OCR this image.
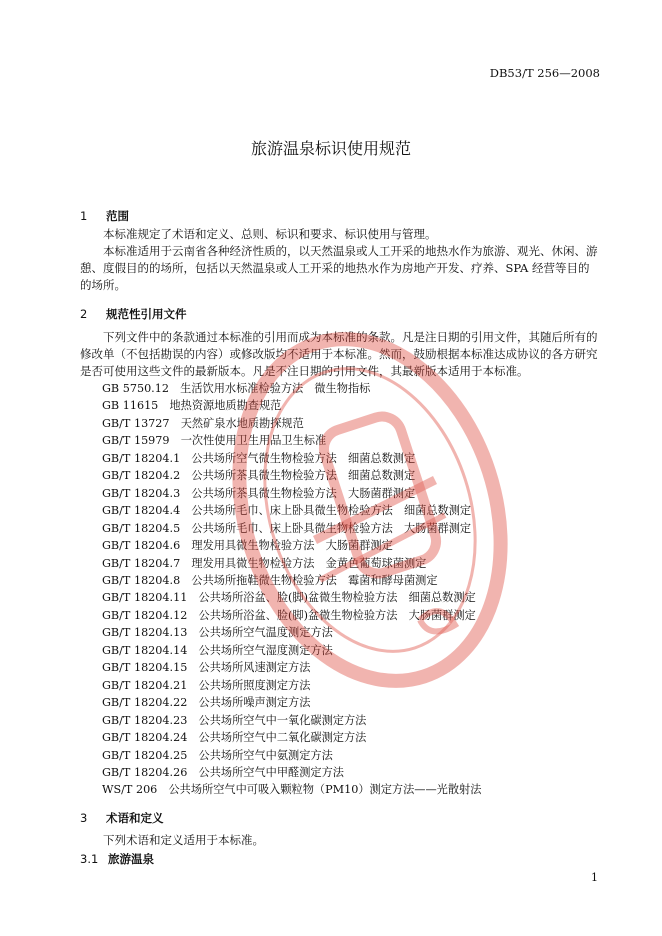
DB53/T 256—2008
旅游温泉标识使用规范
1 范围
本标准规定了术语和定义、总则、标识和要求、标识使用与管理。
本标准适用于云南省各种经济性质的，以天然温泉或人工开采的地热水作为旅游、观光、休闲、游憩、度假目的的场所，包括以天然温泉或人工开采的地热水作为房地产开发、疗养、SPA 经营等目的的场所。
2 规范性引用文件
下列文件中的条款通过本标准的引用而成为本标准的条款。凡是注日期的引用文件，其随后所有的修改单（不包括勘误的内容）或修改版均不适用于本标准。然而，鼓励根据本标准达成协议的各方研究是否可使用这些文件的最新版本。凡是不注日期的引用文件，其最新版本适用于本标准。
GB 5750.12　生活饮用水标准检验方法　微生物指标
GB 11615　地热资源地质勘查规范
GB/T 13727　天然矿泉水地质勘探规范
GB/T 15979　一次性使用卫生用品卫生标准
GB/T 18204.1　公共场所空气微生物检验方法　细菌总数测定
GB/T 18204.2　公共场所茶具微生物检验方法　细菌总数测定
GB/T 18204.3　公共场所茶具微生物检验方法　大肠菌群测定
GB/T 18204.4　公共场所毛巾、床上卧具微生物检验方法　细菌总数测定
GB/T 18204.5　公共场所毛巾、床上卧具微生物检验方法　大肠菌群测定
GB/T 18204.6　理发用具微生物检验方法　大肠菌群测定
GB/T 18204.7　理发用具微生物检验方法　金黄色葡萄球菌测定
GB/T 18204.8　公共场所拖鞋微生物检验方法　霉菌和酵母菌测定
GB/T 18204.11　公共场所浴盆、脸(脚)盆微生物检验方法　细菌总数测定
GB/T 18204.12　公共场所浴盆、脸(脚)盆微生物检验方法　大肠菌群测定
GB/T 18204.13　公共场所空气温度测定方法
GB/T 18204.14　公共场所空气湿度测定方法
GB/T 18204.15　公共场所风速测定方法
GB/T 18204.21　公共场所照度测定方法
GB/T 18204.22　公共场所噪声测定方法
GB/T 18204.23　公共场所空气中一氧化碳测定方法
GB/T 18204.24　公共场所空气中二氧化碳测定方法
GB/T 18204.25　公共场所空气中氨测定方法
GB/T 18204.26　公共场所空气中甲醛测定方法
WS/T 206　公共场所空气中可吸入颗粒物（PM10）测定方法——光散射法
3 术语和定义
下列术语和定义适用于本标准。
3.1 旅游温泉
1
